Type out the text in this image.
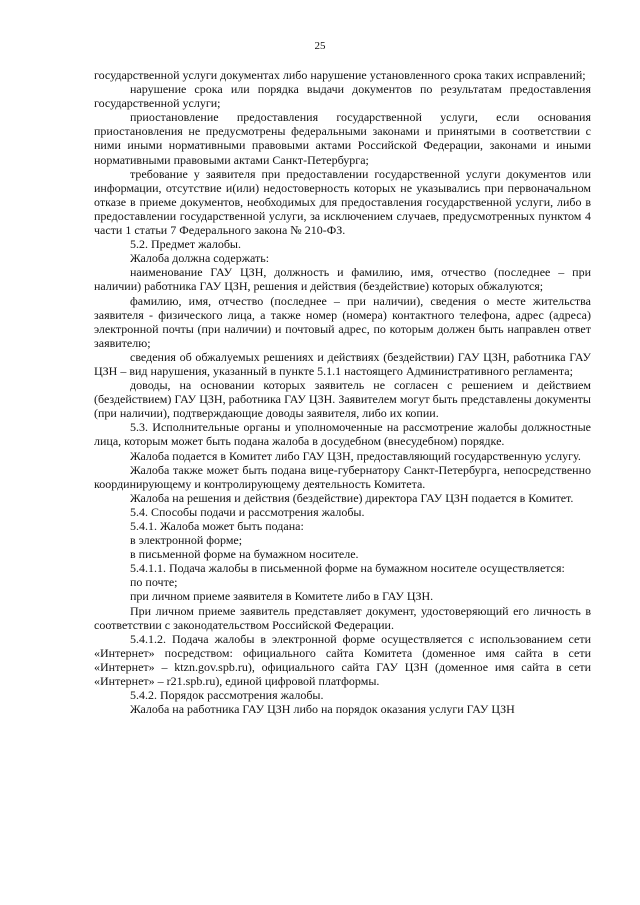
25

государственной услуги документах либо нарушение установленного срока таких исправлений;

нарушение срока или порядка выдачи документов по результатам предоставления государственной услуги;

приостановление предоставления государственной услуги, если основания приостановления не предусмотрены федеральными законами и принятыми в соответствии с ними иными нормативными правовыми актами Российской Федерации, законами и иными нормативными правовыми актами Санкт-Петербурга;

требование у заявителя при предоставлении государственной услуги документов или информации, отсутствие и(или) недостоверность которых не указывались при первоначальном отказе в приеме документов, необходимых для предоставления государственной услуги, либо в предоставлении государственной услуги, за исключением случаев, предусмотренных пунктом 4 части 1 статьи 7 Федерального закона № 210-ФЗ.

5.2. Предмет жалобы.

Жалоба должна содержать:

наименование ГАУ ЦЗН, должность и фамилию, имя, отчество (последнее – при наличии) работника ГАУ ЦЗН, решения и действия (бездействие) которых обжалуются;

фамилию, имя, отчество (последнее – при наличии), сведения о месте жительства заявителя - физического лица, а также номер (номера) контактного телефона, адрес (адреса) электронной почты (при наличии) и почтовый адрес, по которым должен быть направлен ответ заявителю;

сведения об обжалуемых решениях и действиях (бездействии) ГАУ ЦЗН, работника ГАУ ЦЗН – вид нарушения, указанный в пункте 5.1.1 настоящего Административного регламента;

доводы, на основании которых заявитель не согласен с решением и действием (бездействием) ГАУ ЦЗН, работника ГАУ ЦЗН. Заявителем могут быть представлены документы (при наличии), подтверждающие доводы заявителя, либо их копии.

5.3. Исполнительные органы и уполномоченные на рассмотрение жалобы должностные лица, которым может быть подана жалоба в досудебном (внесудебном) порядке.

Жалоба подается в Комитет либо ГАУ ЦЗН, предоставляющий государственную услугу.

Жалоба также может быть подана вице-губернатору Санкт-Петербурга, непосредственно координирующему и контролирующему деятельность Комитета.

Жалоба на решения и действия (бездействие) директора ГАУ ЦЗН подается в Комитет.

5.4. Способы подачи и рассмотрения жалобы.

5.4.1. Жалоба может быть подана:

в электронной форме;

в письменной форме на бумажном носителе.

5.4.1.1. Подача жалобы в письменной форме на бумажном носителе осуществляется:

по почте;

при личном приеме заявителя в Комитете либо в ГАУ ЦЗН.

При личном приеме заявитель представляет документ, удостоверяющий его личность в соответствии с законодательством Российской Федерации.

5.4.1.2. Подача жалобы в электронной форме осуществляется с использованием сети «Интернет» посредством: официального сайта Комитета (доменное имя сайта в сети «Интернет» – ktzn.gov.spb.ru), официального сайта ГАУ ЦЗН (доменное имя сайта в сети «Интернет» – r21.spb.ru), единой цифровой платформы.

5.4.2. Порядок рассмотрения жалобы.

Жалоба на работника ГАУ ЦЗН либо на порядок оказания услуги ГАУ ЦЗН
